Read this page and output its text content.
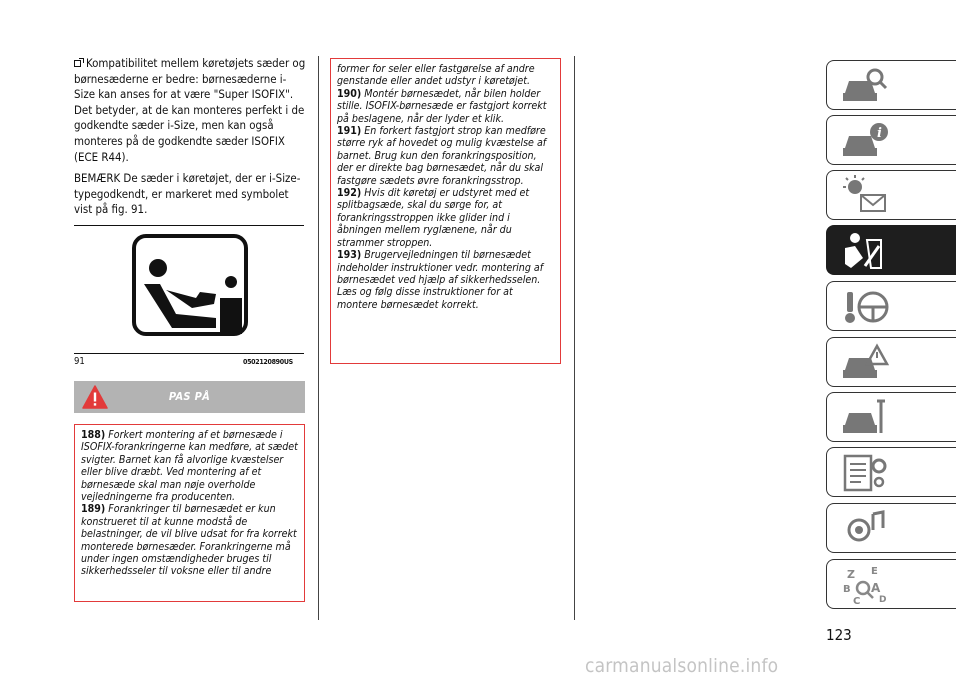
Kompatibilitet mellem køretøjets sæder og børnesæderne er bedre: børnesæderne i-Size kan anses for at være "Super ISOFIX". Det betyder, at de kan monteres perfekt i de godkendte sæder i-Size, men kan også monteres på de godkendte sæder ISOFIX (ECE R44).

BEMÆRK De sæder i køretøjet, der er i-Size-typegodkendt, er markeret med symbolet vist på fig. 91.

91	0502120890US
PAS PÅ

188) Forkert montering af et børnesæde i ISOFIX-forankringerne kan medføre, at sædet svigter. Barnet kan få alvorlige kvæstelser eller blive dræbt. Ved montering af et børnesæde skal man nøje overholde vejledningerne fra producenten.

189) Forankringer til børnesædet er kun konstrueret til at kunne modstå de belastninger, de vil blive udsat for fra korrekt monterede børnesæder. Forankringerne må under ingen omstændigheder bruges til sikkerhedsseler til voksne eller til andre

former for seler eller fastgørelse af andre genstande eller andet udstyr i køretøjet.

190) Montér børnesædet, når bilen holder stille. ISOFIX-børnesæde er fastgjort korrekt på beslagene, når der lyder et klik.

191) En forkert fastgjort strop kan medføre større ryk af hovedet og mulig kvæstelse af barnet. Brug kun den forankringsposition, der er direkte bag børnesædet, når du skal fastgøre sædets øvre forankringsstrop.

192) Hvis dit køretøj er udstyret med et splitbagsæde, skal du sørge for, at forankringsstroppen ikke glider ind i åbningen mellem ryglænene, når du strammer stroppen.

193) Brugervejledningen til børnesædet indeholder instruktioner vedr. montering af børnesædet ved hjælp af sikkerhedsselen. Læs og følg disse instruktioner for at montere børnesædet korrekt.

i
Z E
B A
C D
123
carmanualsonline.info
